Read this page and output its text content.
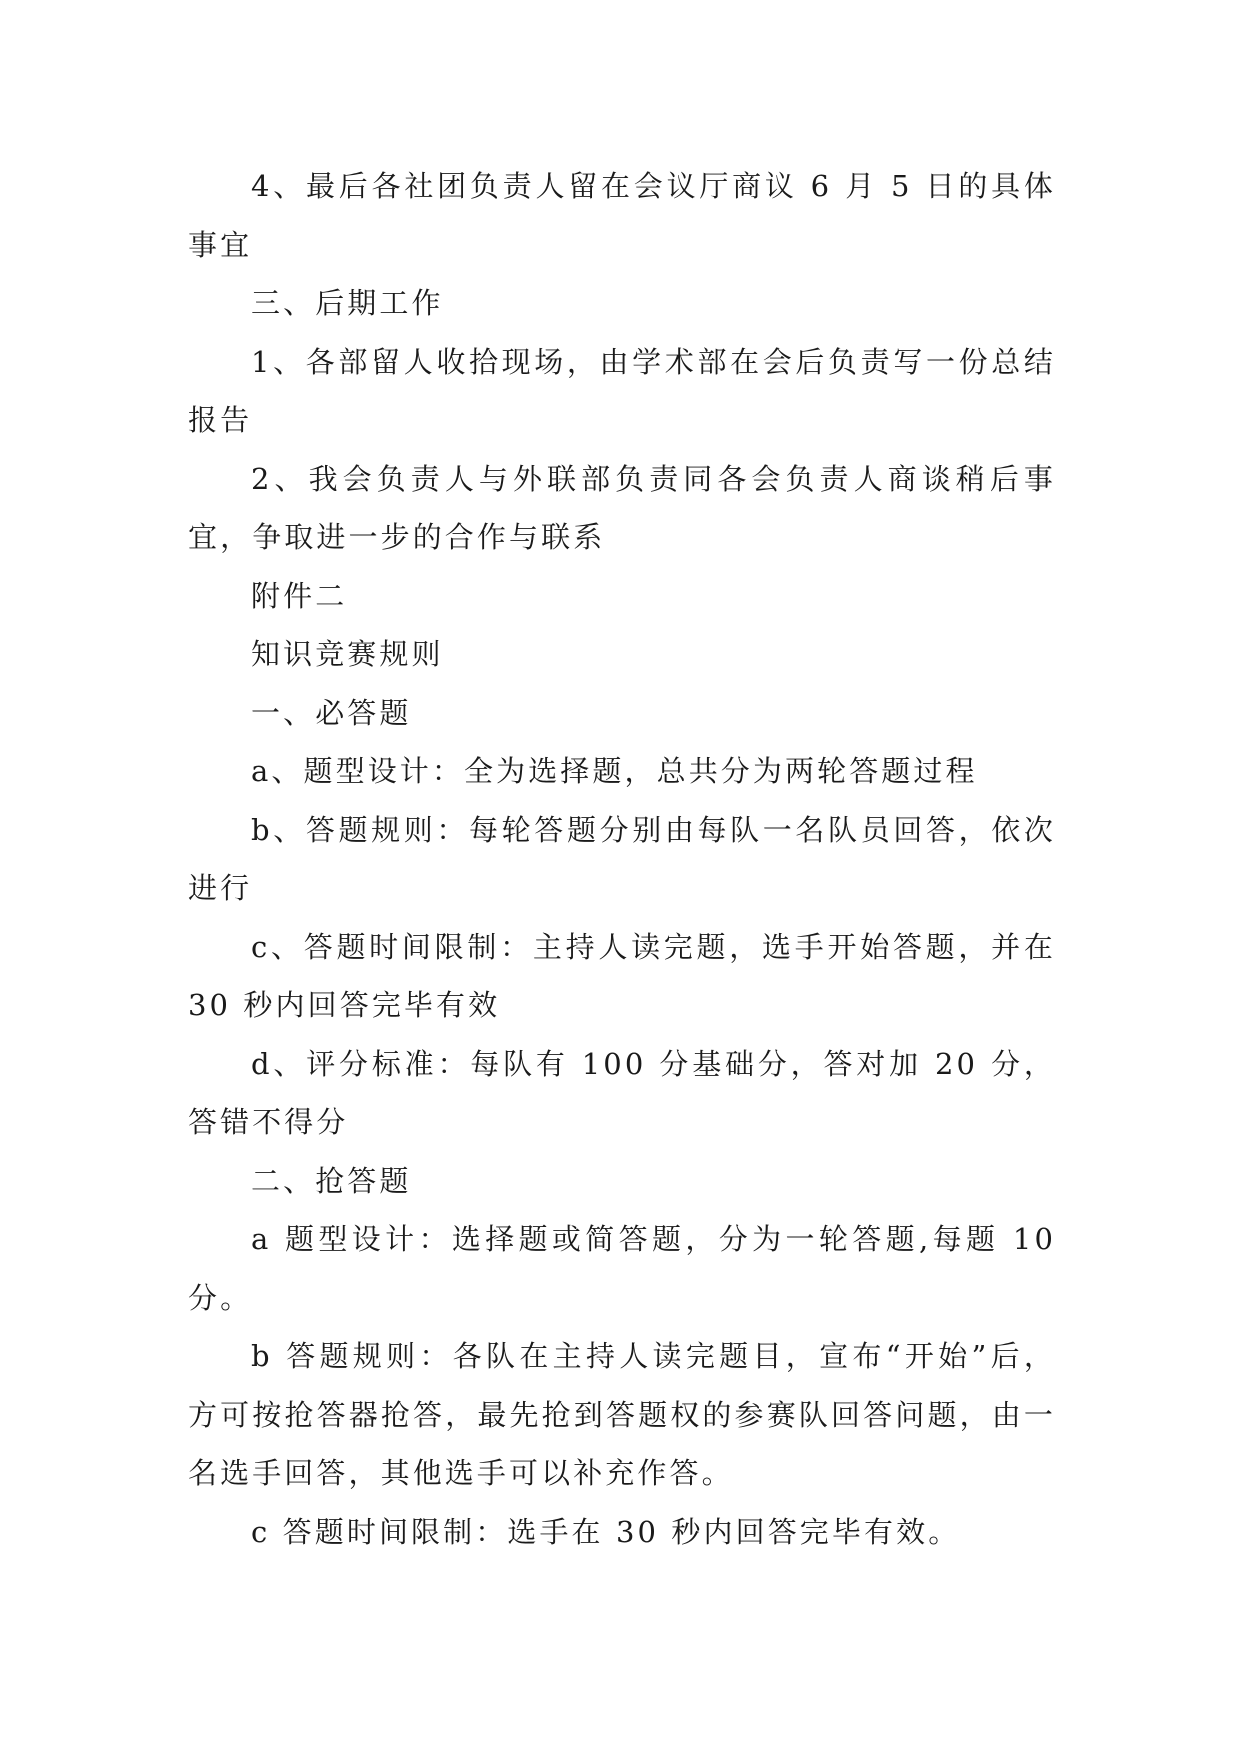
4、最后各社团负责人留在会议厅商议 6 月 5 日的具体事宜

三、后期工作

1、各部留人收拾现场，由学术部在会后负责写一份总结报告

2、我会负责人与外联部负责同各会负责人商谈稍后事宜，争取进一步的合作与联系

附件二

知识竞赛规则

一、必答题

a、题型设计：全为选择题，总共分为两轮答题过程

b、答题规则：每轮答题分别由每队一名队员回答，依次进行

c、答题时间限制：主持人读完题，选手开始答题，并在 30 秒内回答完毕有效

d、评分标准：每队有 100 分基础分，答对加 20 分，答错不得分

二、抢答题

a 题型设计：选择题或简答题，分为一轮答题,每题 10 分。

b 答题规则：各队在主持人读完题目，宣布“开始”后，方可按抢答器抢答，最先抢到答题权的参赛队回答问题，由一名选手回答，其他选手可以补充作答。

c 答题时间限制：选手在 30 秒内回答完毕有效。
